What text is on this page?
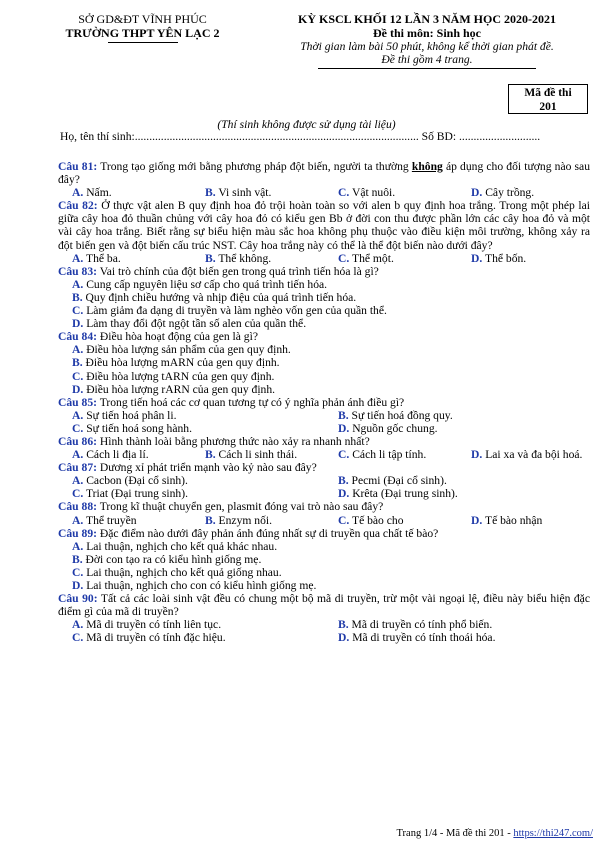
SỞ GD&ĐT VĨNH PHÚC
TRƯỜNG THPT YÊN LẠC 2
KỲ KSCL KHỐI 12 LẦN 3 NĂM HỌC 2020-2021
Đề thi môn: Sinh học
Thời gian làm bài 50 phút, không kể thời gian phát đề.
Đề thi gồm 4 trang.
Mã đề thi
201
(Thí sinh không được sử dụng tài liệu)
Họ, tên thí sinh:.................................................................................................. Số BD: ............................

Câu 81: Trong tạo giống mới bằng phương pháp đột biến, người ta thường không áp dụng cho đối tượng nào sau đây?

A. Nấm.	B. Vi sinh vật.	C. Vật nuôi.	D. Cây trồng.

Câu 82: Ở thực vật alen B quy định hoa đỏ trội hoàn toàn so với alen b quy định hoa trắng. Trong một phép lai giữa cây hoa đỏ thuần chủng với cây hoa đỏ có kiểu gen Bb ở đời con thu được phần lớn các cây hoa đỏ và một vài cây hoa trắng. Biết rằng sự biểu hiện màu sắc hoa không phụ thuộc vào điều kiện môi trường, không xảy ra đột biến gen và đột biến cấu trúc NST. Cây hoa trắng này có thể là thể đột biến nào dưới đây?

A. Thể ba.	B. Thể không.	C. Thể một.	D. Thể bốn.

Câu 83: Vai trò chính của đột biến gen trong quá trình tiến hóa là gì?

A. Cung cấp nguyên liệu sơ cấp cho quá trình tiến hóa.
B. Quy định chiều hướng và nhịp điệu của quá trình tiến hóa.
C. Làm giảm đa dạng di truyền và làm nghèo vốn gen của quần thể.
D. Làm thay đổi đột ngột tần số alen của quần thể.

Câu 84: Điều hòa hoạt động của gen là gì?

A. Điều hòa lượng sản phẩm của gen quy định.
B. Điều hòa lượng mARN của gen quy định.
C. Điều hòa lượng tARN của gen quy định.
D. Điều hòa lượng rARN của gen quy định.

Câu 85: Trong tiến hoá các cơ quan tương tự có ý nghĩa phản ánh điều gì?

A. Sự tiến hoá phân li.	B. Sự tiến hoá đồng quy.
C. Sự tiến hoá song hành.	D. Nguồn gốc chung.

Câu 86: Hình thành loài bằng phương thức nào xảy ra nhanh nhất?

A. Cách li địa lí.	B. Cách li sinh thái.	C. Cách li tập tính.	D. Lai xa và đa bội hoá.

Câu 87: Dương xỉ phát triển mạnh vào kỷ nào sau đây?

A. Cacbon (Đại cổ sinh).	B. Pecmi (Đại cổ sinh).
C. Triat (Đại trung sinh).	D. Krêta (Đại trung sinh).

Câu 88: Trong kĩ thuật chuyển gen, plasmit đóng vai trò nào sau đây?

A. Thể truyền	B. Enzym nối.	C. Tế bào cho	D. Tế bào nhận

Câu 89: Đặc điểm nào dưới đây phản ánh đúng nhất sự di truyền qua chất tế bào?

A. Lai thuận, nghịch cho kết quả khác nhau.
B. Đời con tạo ra có kiểu hình giống mẹ.
C. Lai thuận, nghịch cho kết quả giống nhau.
D. Lai thuận, nghịch cho con có kiểu hình giống mẹ.

Câu 90: Tất cả các loài sinh vật đều có chung một bộ mã di truyền, trừ một vài ngoại lệ, điều này biểu hiện đặc điểm gì của mã di truyền?

A. Mã di truyền có tính liên tục.	B. Mã di truyền có tính phổ biến.
C. Mã di truyền có tính đặc hiệu.	D. Mã di truyền có tính thoái hóa.
Trang 1/4 - Mã đề thi 201 - https://thi247.com/
